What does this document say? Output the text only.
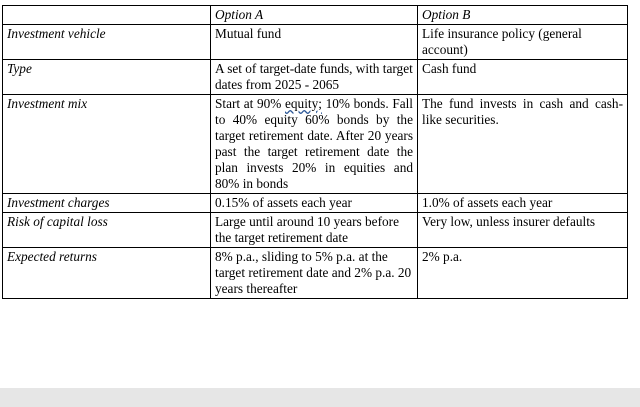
	Option A	Option B
Investment vehicle	Mutual fund	Life insurance policy (general account)
Type	A set of target-date funds, with target dates from 2025 - 2065	Cash fund
Investment mix	Start at 90% equity; 10% bonds. Fall to 40% equity 60% bonds by the target retirement date. After 20 years past the target retirement date the plan invests 20% in equities and 80% in bonds	The fund invests in cash and cash-like securities.
Investment charges	0.15% of assets each year	1.0% of assets each year
Risk of capital loss	Large until around 10 years before the target retirement date	Very low, unless insurer defaults
Expected returns	8% p.a., sliding to 5% p.a. at the target retirement date and 2% p.a. 20 years thereafter	2% p.a.
